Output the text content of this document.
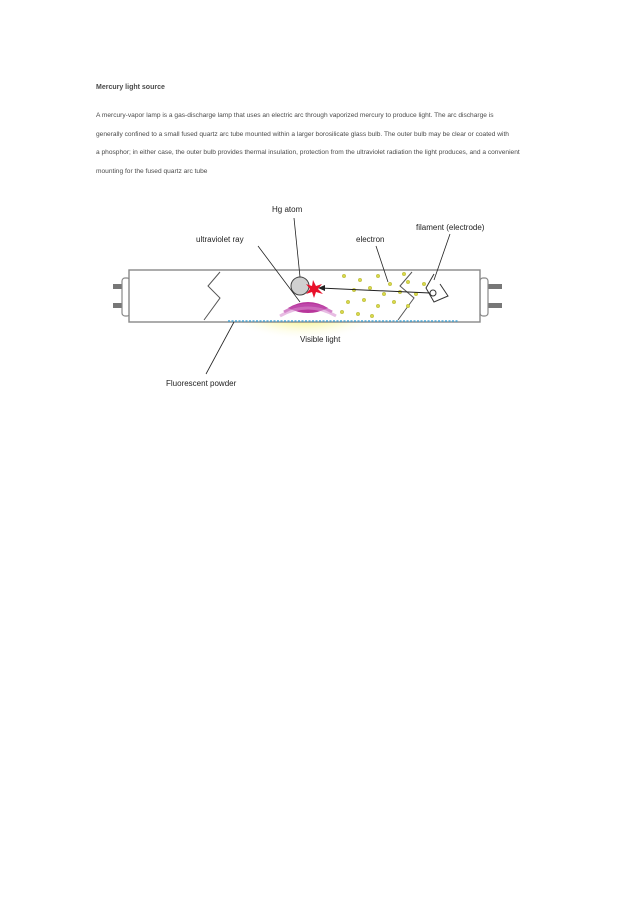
Mercury light source

A mercury-vapor lamp is a gas-discharge lamp that uses an electric arc through vaporized mercury to produce light. The arc discharge is
generally confined to a small fused quartz arc tube mounted within a larger borosilicate glass bulb. The outer bulb may be clear or coated with
a phosphor; in either case, the outer bulb provides thermal insulation, protection from the ultraviolet radiation the light produces, and a convenient
mounting for the fused quartz arc tube
Hg atom
ultraviolet ray	electron
filament (electrode)
Visible light
Fluorescent powder
